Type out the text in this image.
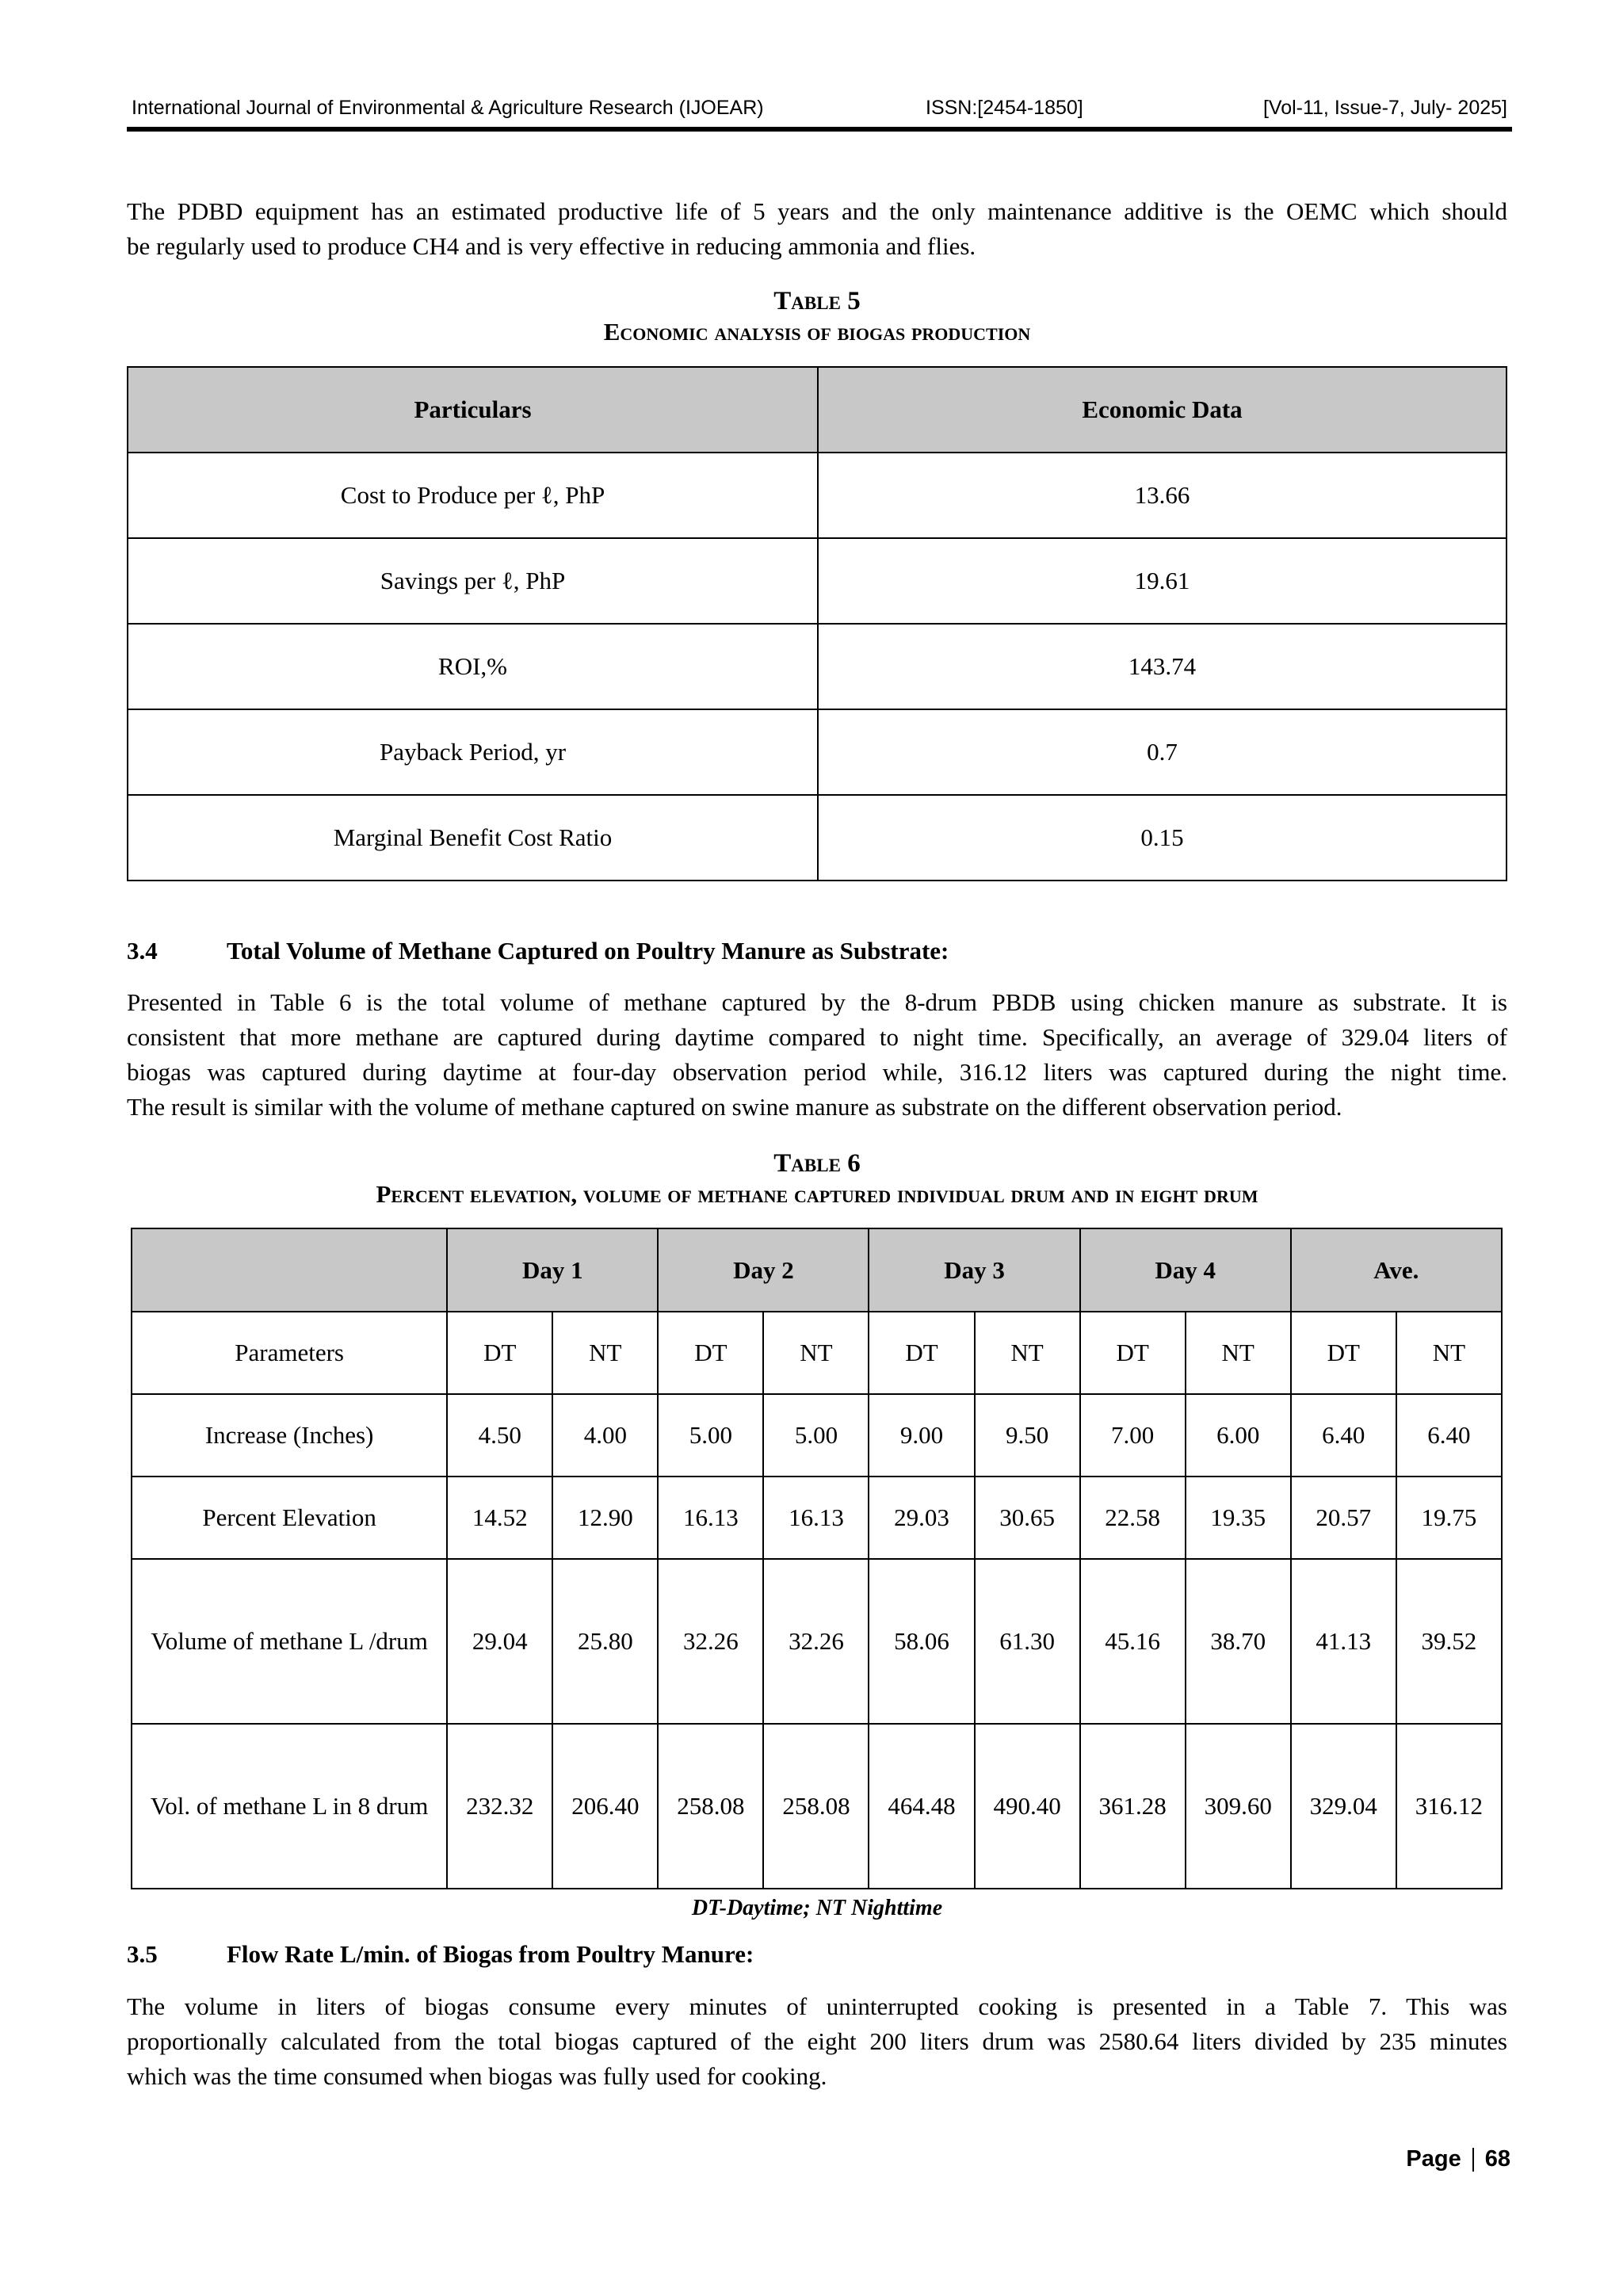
International Journal of Environmental & Agriculture Research (IJOEAR)	ISSN:[2454-1850]	[Vol-11, Issue-7, July- 2025]

The PDBD equipment has an estimated productive life of 5 years and the only maintenance additive is the OEMC which should
be regularly used to produce CH4 and is very effective in reducing ammonia and flies.

Table 5
Economic analysis of biogas production
Particulars	Economic Data
Cost to Produce per ℓ, PhP	13.66
Savings per ℓ, PhP	19.61
ROI,%	143.74
Payback Period, yr	0.7
Marginal Benefit Cost Ratio	0.15
3.4	Total Volume of Methane Captured on Poultry Manure as Substrate:

Presented in Table 6 is the total volume of methane captured by the 8-drum PBDB using chicken manure as substrate. It is
consistent that more methane are captured during daytime compared to night time. Specifically, an average of 329.04 liters of
biogas was captured during daytime at four-day observation period while, 316.12 liters was captured during the night time.
The result is similar with the volume of methane captured on swine manure as substrate on the different observation period.

Table 6
Percent elevation, volume of methane captured individual drum and in eight drum
	Day 1		Day 2		Day 3		Day 4		Ave.	
Parameters	DT	NT	DT	NT	DT	NT	DT	NT	DT	NT
Increase (Inches)	4.50	4.00	5.00	5.00	9.00	9.50	7.00	6.00	6.40	6.40
Percent Elevation	14.52	12.90	16.13	16.13	29.03	30.65	22.58	19.35	20.57	19.75
Volume of methane L /drum	29.04	25.80	32.26	32.26	58.06	61.30	45.16	38.70	41.13	39.52
Vol. of methane L in 8 drum	232.32	206.40	258.08	258.08	464.48	490.40	361.28	309.60	329.04	316.12
DT-Daytime; NT Nighttime
3.5	Flow Rate L/min. of Biogas from Poultry Manure:

The volume in liters of biogas consume every minutes of uninterrupted cooking is presented in a Table 7. This was
proportionally calculated from the total biogas captured of the eight 200 liters drum was 2580.64 liters divided by 235 minutes
which was the time consumed when biogas was fully used for cooking.

Page 68
